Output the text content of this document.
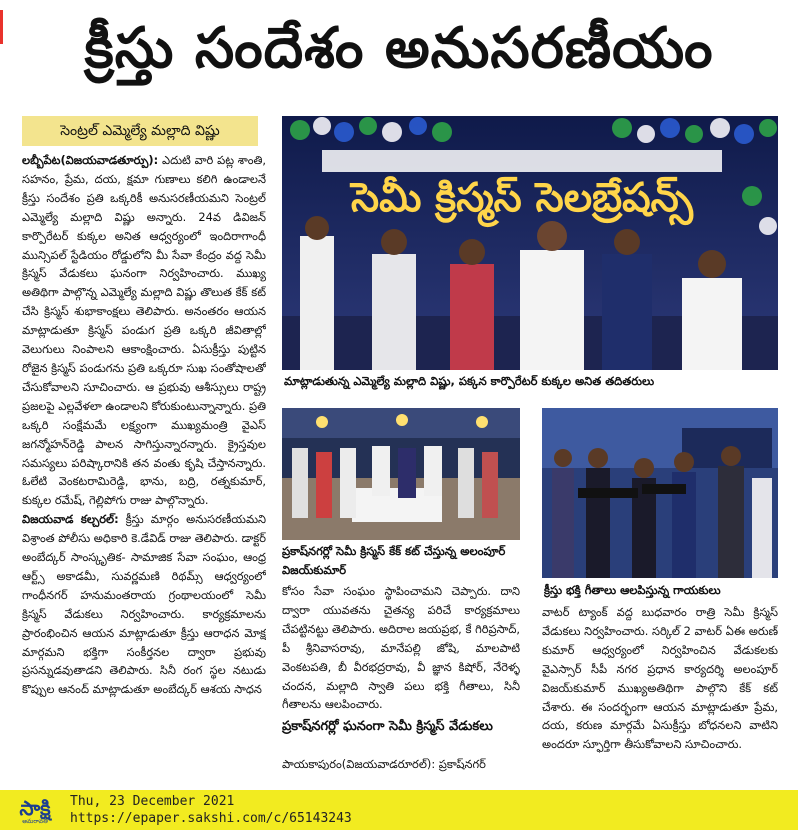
క్రీస్తు సందేశం అనుసరణీయం
సెంట్రల్ ఎమ్మెల్యే మల్లాది విష్ణు

లబ్బీపేట(విజయవాడతూర్పు): ఎదుటి వారి పట్ల శాంతి, సహనం, ప్రేమ, దయ, క్షమా గుణాలు కలిగి ఉండాలనే క్రీస్తు సందేశం ప్రతి ఒక్కరికీ అనుసరణీయమని సెంట్రల్ ఎమ్మెల్యే మల్లాది విష్ణు అన్నారు. 24వ డివిజన్ కార్పొరేటర్ కుక్కల అనిత ఆధ్వర్యంలో ఇందిరాగాంధీ మున్సిపల్ స్టేడియం రోడ్డులోని మీ సేవా కేంద్రం వద్ద సెమీ క్రిస్మస్ వేడుకలు ఘనంగా నిర్వహించారు. ముఖ్య అతిథిగా పాల్గొన్న ఎమ్మెల్యే మల్లాది విష్ణు తొలుత కేక్ కట్ చేసి క్రిస్మస్ శుభాకాంక్షలు తెలిపారు. అనంతరం ఆయన మాట్లాడుతూ క్రిస్మస్ పండుగ ప్రతి ఒక్కరి జీవితాల్లో వెలుగులు నింపాలని ఆకాంక్షించారు. ఏసుక్రీస్తు పుట్టిన రోజైన క్రిస్మస్ పండుగను ప్రతి ఒక్కరూ సుఖ సంతోషాలతో చేసుకోవాలని సూచించారు. ఆ ప్రభువు ఆశీస్సులు రాష్ట్ర ప్రజలపై ఎల్లవేళలా ఉండాలని కోరుకుంటున్నాన్నారు. ప్రతి ఒక్కరి సంక్షేమమే లక్ష్యంగా ముఖ్యమంత్రి వైఎస్ జగన్మోహన్‌రెడ్డి పాలన సాగిస్తున్నారన్నారు. క్రైస్తవుల సమస్యలు పరిష్కారానికి తన వంతు కృషి చేస్తానన్నారు. ఓలేటి వెంకటరామిరెడ్డి, భాను, బద్రి, రత్నకుమార్, కుక్కల రమేష్, గెల్లిపోగు రాజు పాల్గొన్నారు.

విజయవాడ కల్చరల్: క్రీస్తు మార్గం అనుసరణీయమని విశ్రాంత పోలీసు అధికారి కె.డేవిడ్ రాజు తెలిపారు. డాక్టర్ అంబేద్కర్ సాంస్కృతిక- సామాజిక సేవా సంఘం, ఆంధ్ర ఆర్ట్స్ అకాడమీ, సువర్ణమణి రిథమ్స్ ఆధ్వర్యంలో గాంధీనగర్ హనుమంతరాయ గ్రంథాలయంలో సెమీ క్రిస్మస్ వేడుకలు నిర్వహించారు. కార్యక్రమాలను ప్రారంభించిన ఆయన మాట్లాడుతూ క్రీస్తు ఆరాధన మోక్ష మార్గమని భక్తిగా సంకీర్తనల ద్వారా ప్రభువు ప్రసన్నుడవుతాడని తెలిపారు. సినీ రంగ స్థల నటుడు కొప్పుల ఆనంద్ మాట్లాడుతూ అంబేద్కర్ ఆశయ సాధన

సెమీ క్రిస్మస్ సెలబ్రేషన్స్
మాట్లాడుతున్న ఎమ్మెల్యే మల్లాది విష్ణు, పక్కన కార్పొరేటర్ కుక్కల అనిత తదితరులు
ప్రకాష్‌నగర్లో సెమీ క్రిస్మస్ కేక్ కట్ చేస్తున్న అలంపూర్ విజయ్‌కుమార్
క్రీస్తు భక్తి గీతాలు ఆలపిస్తున్న గాయకులు

కోసం సేవా సంఘం స్థాపించామని చెప్పారు. దాని ద్వారా యువతను చైతన్య పరిచే కార్యక్రమాలు చేపట్టినట్టు తెలిపారు. అదిరాల జయప్రభ, కే గిరిప్రసాద్, పీ శ్రీనివాసరావు, మానేపల్లి జోషి, మాలపాటి వెంకటపతి, బీ వీరభద్రరావు, వీ జ్ఞాన కిషోర్, నేరెళ్ళ చందన, మల్లాది స్వాతి పలు భక్తి గీతాలు, సినీ గీతాలను ఆలపించారు.

ప్రకాష్‌నగర్లో ఘనంగా సెమీ క్రిస్మస్ వేడుకలు
పాయకాపురం(విజయవాడరూరల్): ప్రకాష్‌నగర్

వాటర్ ట్యాంక్ వద్ద బుధవారం రాత్రి సెమీ క్రిస్మస్ వేడుకలు నిర్వహించారు. సర్కిల్ 2 వాటర్ ఏఈ అరుణ్ కుమార్ ఆధ్వర్యంలో నిర్వహించిన వేడుకలకు వైఎస్సార్ సీపీ నగర ప్రధాన కార్యదర్శి అలంపూర్ విజయ్‌కుమార్ ముఖ్యఅతిథిగా పాల్గొని కేక్ కట్ చేశారు. ఈ సందర్భంగా ఆయన మాట్లాడుతూ ప్రేమ, దయ, కరుణ మార్గమే ఏసుక్రీస్తు బోధనలని వాటిని అందరూ స్ఫూర్తిగా తీసుకోవాలని సూచించారు.

సాక్షి
అమరావతి
Thu, 23 December 2021
https://epaper.sakshi.com/c/65143243
